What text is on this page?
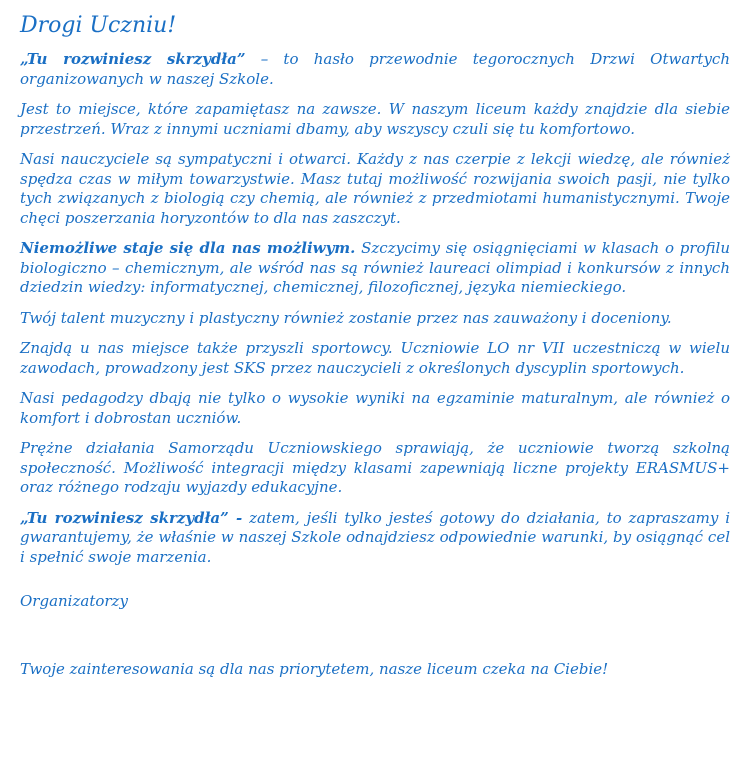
Drogi Uczniu!

„Tu rozwiniesz skrzydła” – to hasło przewodnie tegorocznych Drzwi Otwartych organizowanych w naszej Szkole.

Jest to miejsce, które zapamiętasz na zawsze. W naszym liceum każdy znajdzie dla siebie przestrzeń. Wraz z innymi uczniami dbamy, aby wszyscy czuli się tu komfortowo.

Nasi nauczyciele są sympatyczni i otwarci. Każdy z nas czerpie z lekcji wiedzę, ale również spędza czas w miłym towarzystwie. Masz tutaj możliwość rozwijania swoich pasji, nie tylko tych związanych z biologią czy chemią, ale również z przedmiotami humanistycznymi. Twoje chęci poszerzania horyzontów to dla nas zaszczyt.

Niemożliwe staje się dla nas możliwym. Szczycimy się osiągnięciami w klasach o profilu biologiczno – chemicznym, ale wśród nas są również laureaci olimpiad i konkursów z innych dziedzin wiedzy: informatycznej, chemicznej, filozoficznej, języka niemieckiego.

Twój talent muzyczny i plastyczny również zostanie przez nas zauważony i doceniony.

Znajdą u nas miejsce także przyszli sportowcy. Uczniowie LO nr VII uczestniczą w wielu zawodach, prowadzony jest SKS przez nauczycieli z określonych dyscyplin sportowych.

Nasi pedagodzy dbają nie tylko o wysokie wyniki na egzaminie maturalnym, ale również o komfort i dobrostan uczniów.

Prężne działania Samorządu Uczniowskiego sprawiają, że uczniowie tworzą szkolną społeczność. Możliwość integracji między klasami zapewniają liczne projekty ERASMUS+ oraz różnego rodzaju wyjazdy edukacyjne.

„Tu rozwiniesz skrzydła” - zatem, jeśli tylko jesteś gotowy do działania, to zapraszamy i gwarantujemy, że właśnie w naszej Szkole odnajdziesz odpowiednie warunki, by osiągnąć cel i spełnić swoje marzenia.

Organizatorzy

Twoje zainteresowania są dla nas priorytetem, nasze liceum czeka na Ciebie!
